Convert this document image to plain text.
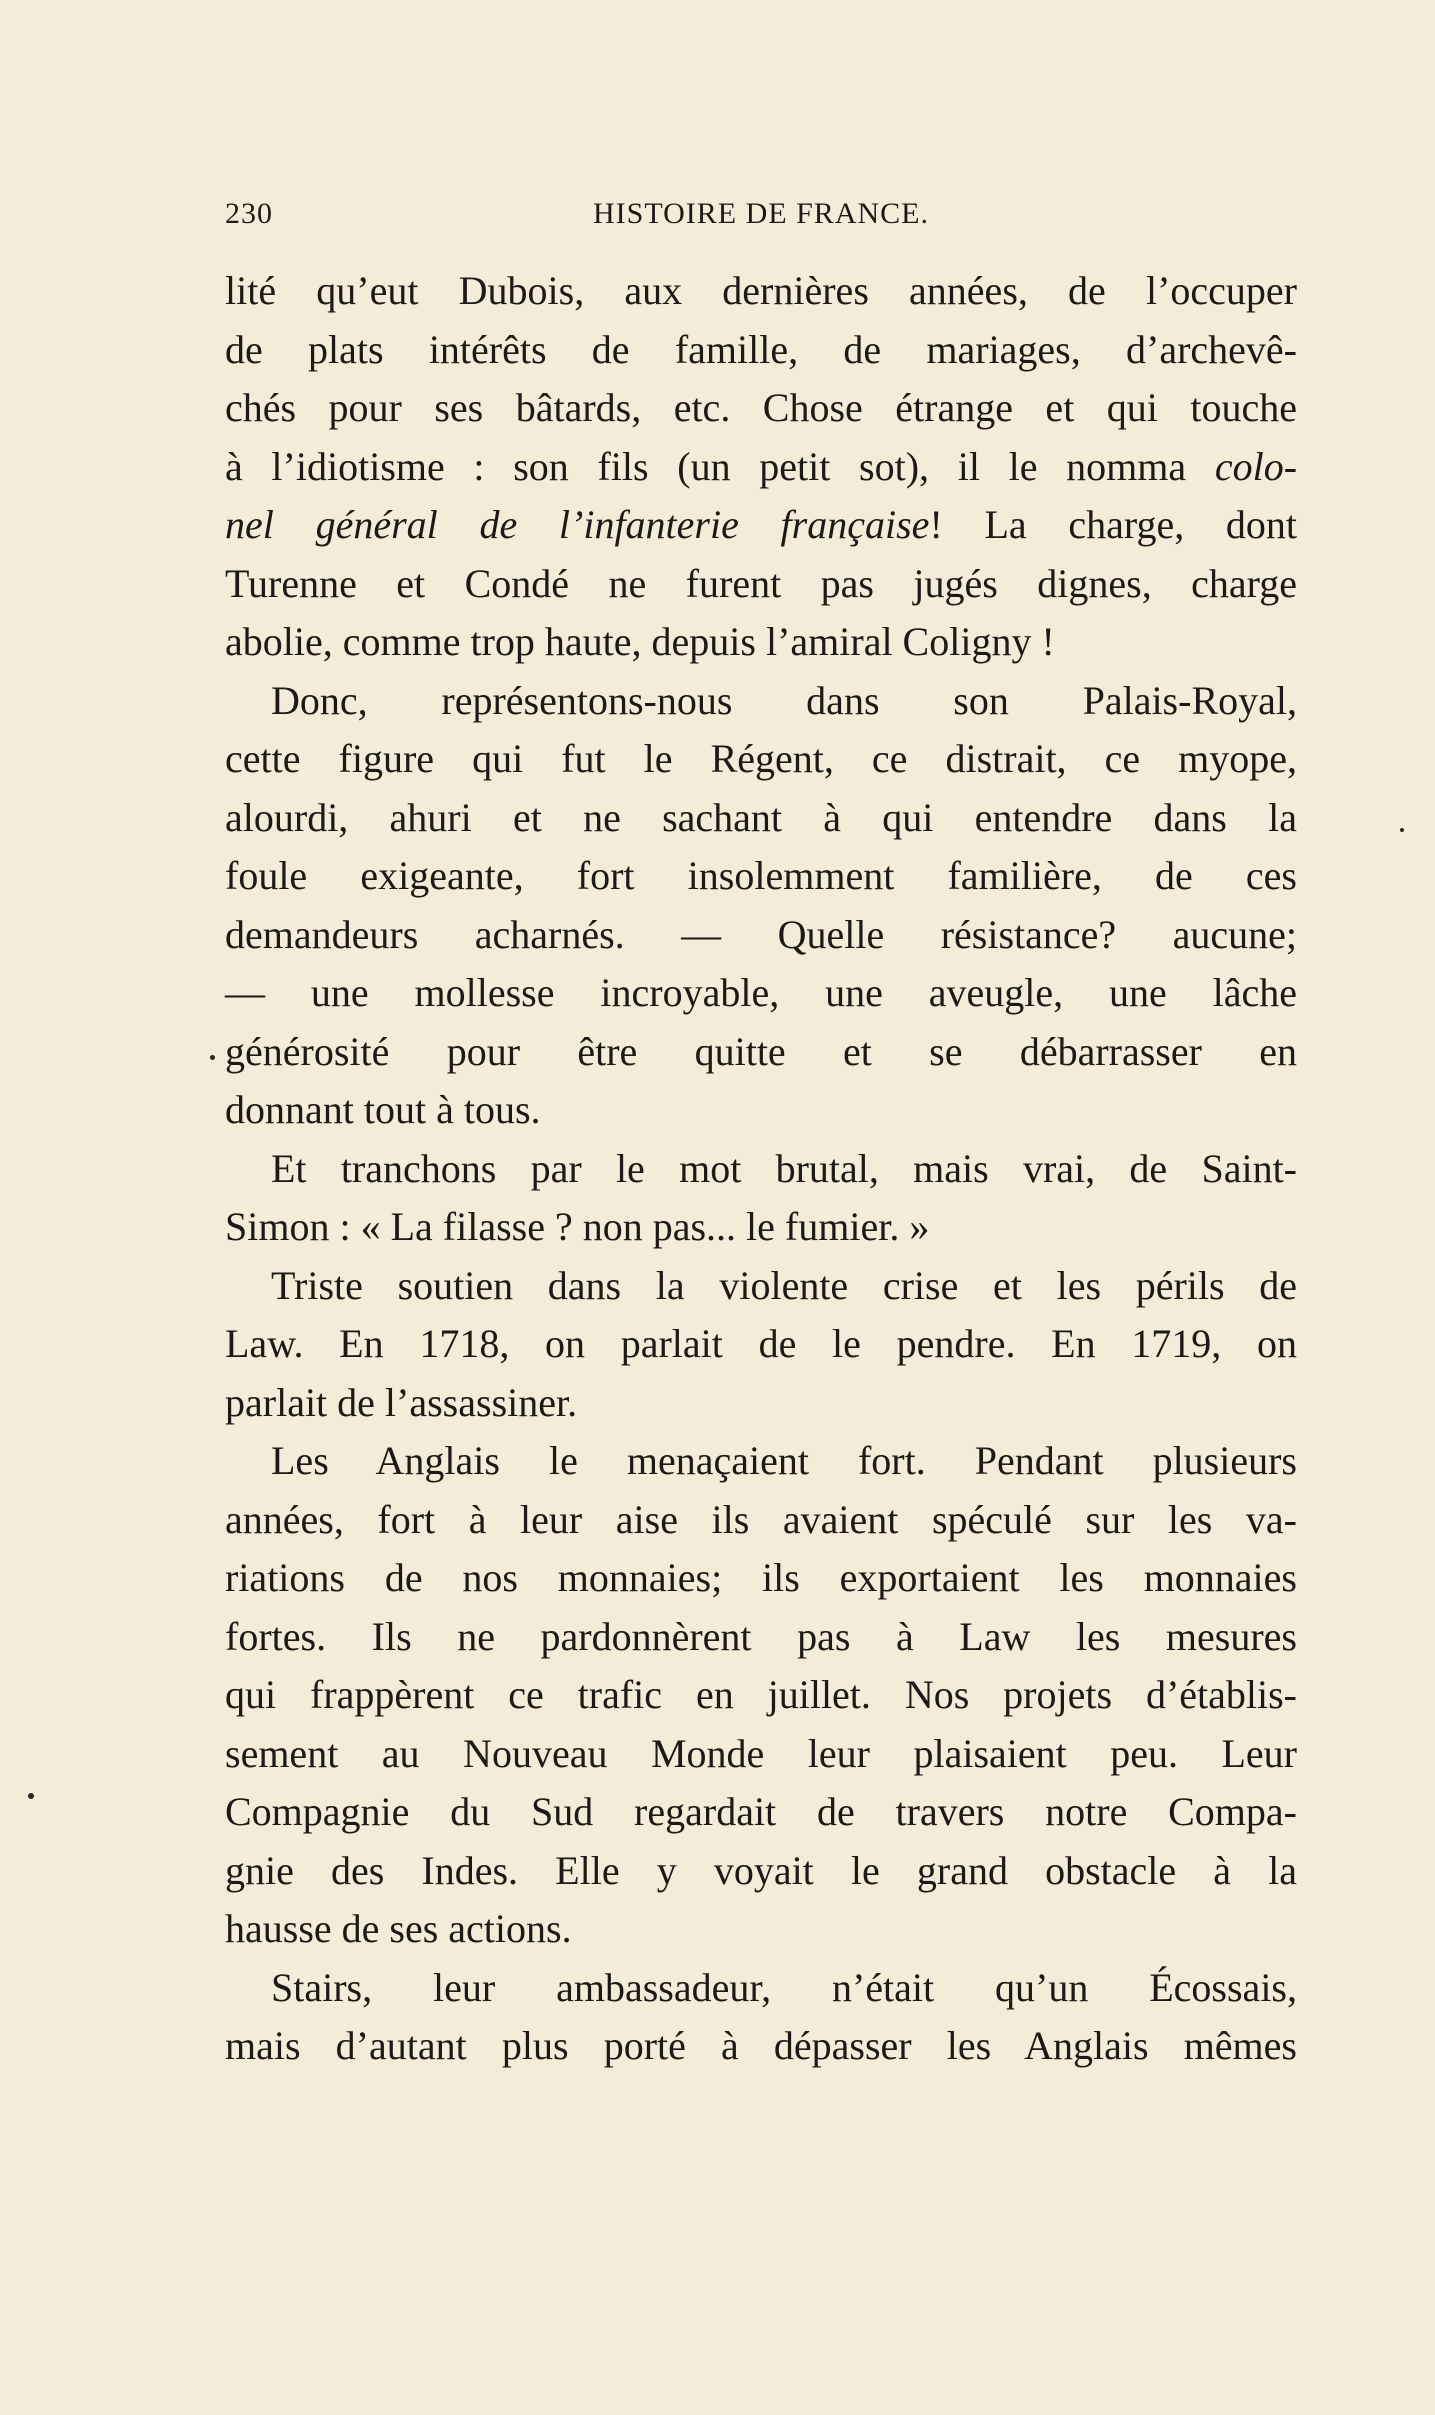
230	HISTOIRE DE FRANCE.
lité qu’eut Dubois, aux dernières années, de l’occuper
de plats intérêts de famille, de mariages, d’archevê-
chés pour ses bâtards, etc. Chose étrange et qui touche
à l’idiotisme : son fils (un petit sot), il le nomma colo-
nel général de l’infanterie française! La charge, dont
Turenne et Condé ne furent pas jugés dignes, charge
abolie, comme trop haute, depuis l’amiral Coligny !
Donc, représentons-nous dans son Palais-Royal,
cette figure qui fut le Régent, ce distrait, ce myope,
alourdi, ahuri et ne sachant à qui entendre dans la
foule exigeante, fort insolemment familière, de ces
demandeurs acharnés. — Quelle résistance? aucune;
— une mollesse incroyable, une aveugle, une lâche
générosité pour être quitte et se débarrasser en
donnant tout à tous.
Et tranchons par le mot brutal, mais vrai, de Saint-
Simon : « La filasse ? non pas... le fumier. »
Triste soutien dans la violente crise et les périls de
Law. En 1718, on parlait de le pendre. En 1719, on
parlait de l’assassiner.
Les Anglais le menaçaient fort. Pendant plusieurs
années, fort à leur aise ils avaient spéculé sur les va-
riations de nos monnaies; ils exportaient les monnaies
fortes. Ils ne pardonnèrent pas à Law les mesures
qui frappèrent ce trafic en juillet. Nos projets d’établis-
sement au Nouveau Monde leur plaisaient peu. Leur
Compagnie du Sud regardait de travers notre Compa-
gnie des Indes. Elle y voyait le grand obstacle à la
hausse de ses actions.
Stairs, leur ambassadeur, n’était qu’un Écossais,
mais d’autant plus porté à dépasser les Anglais mêmes
